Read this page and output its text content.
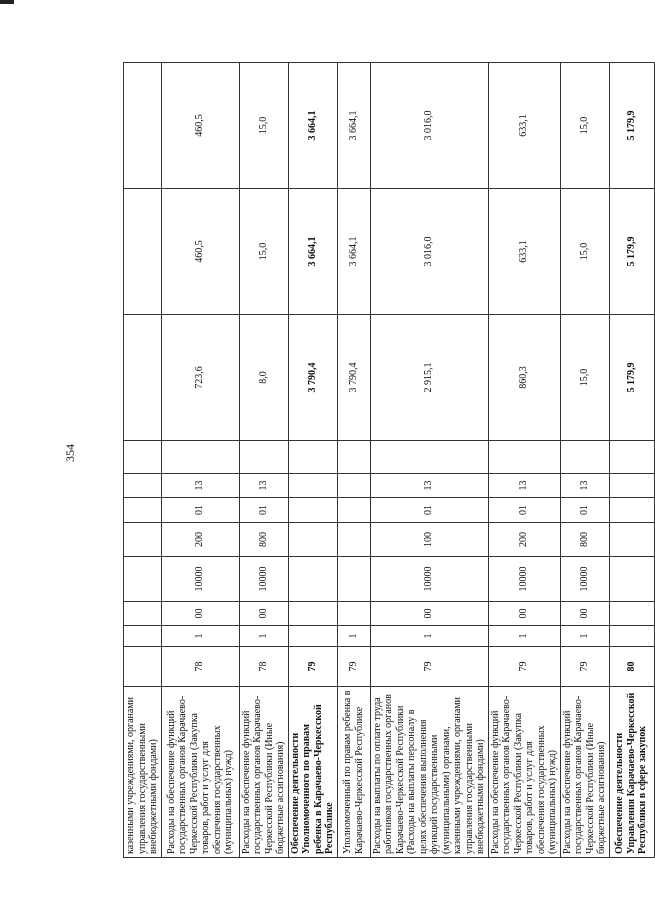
354
казенными учреждениями, органами управления государственными внебюджетными фондами)											
Расходы на обеспечение функций государственных органов Карачаево-Черкесской Республики (Закупка товаров, работ и услуг для обеспечения государственных (муниципальных) нужд)	78	1	00	10000	200	01	13		723,6	460,5	460,5
Расходы на обеспечение функций государственных органов Карачаево-Черкесской Республики (Иные бюджетные ассигнования)	78	1	00	10000	800	01	13		8,0	15,0	15,0
Обеспечение деятельности Уполномоченного по правам ребенка в Карачаево-Черкесской Республике	79								3 790,4	3 664,1	3 664,1
Уполномоченный по правам ребенка в Карачаево-Черкесской Республике	79	1							3 790,4	3 664,1	3 664,1
Расходы на выплаты по оплате труда работников государственных органов Карачаево-Черкесской Республики (Расходы на выплаты персоналу в целях обеспечения выполнения функций государственными (муниципальными) органами, казенными учреждениями, органами управления государственными внебюджетными фондами)	79	1	00	10000	100	01	13		2 915,1	3 016,0	3 016,0
Расходы на обеспечение функций государственных органов Карачаево-Черкесской Республики (Закупка товаров, работ и услуг для обеспечения государственных (муниципальных) нужд)	79	1	00	10000	200	01	13		860,3	633,1	633,1
Расходы на обеспечение функций государственных органов Карачаево-Черкесской Республики (Иные бюджетные ассигнования)	79	1	00	10000	800	01	13		15,0	15,0	15,0
Обеспечение деятельности Управления Карачаево-Черкесской Республики в сфере закупок	80								5 179,9	5 179,9	5 179,9
